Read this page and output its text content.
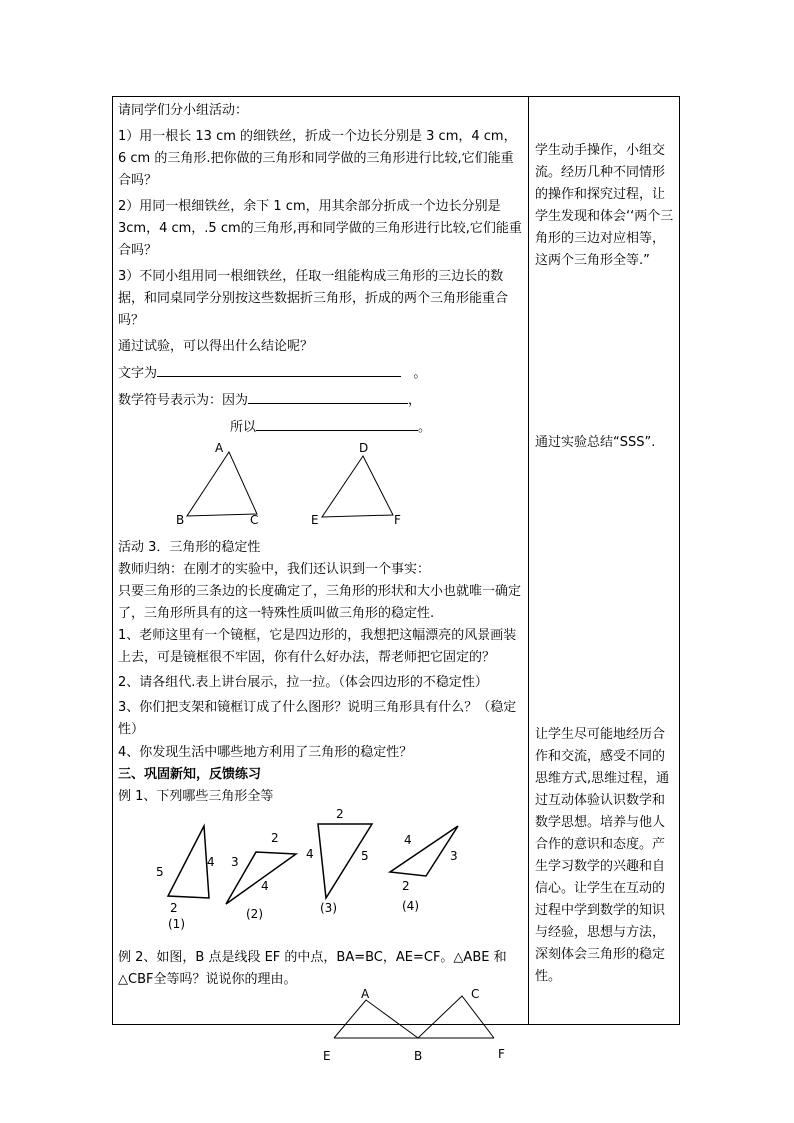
请同学们分小组活动：

1）用一根长 13 cm 的细铁丝，折成一个边长分别是 3 cm，4 cm，6 cm 的三角形.把你做的三角形和同学做的三角形进行比较,它们能重合吗？

2）用同一根细铁丝，余下 1 cm，用其余部分折成一个边长分别是3cm，4 cm，.5 cm的三角形,再和同学做的三角形进行比较,它们能重合吗？

3）不同小组用同一根细铁丝，任取一组能构成三角形的三边长的数据，和同桌同学分别按这些数据折三角形，折成的两个三角形能重合吗？

通过试验，可以得出什么结论呢？

文字为	。

数学符号表示为：因为	，

所以	。

A
B	C
D
E	F

活动 3．三角形的稳定性

教师归纳：在刚才的实验中，我们还认识到一个事实：

只要三角形的三条边的长度确定了，三角形的形状和大小也就唯一确定了，三角形所具有的这一特殊性质叫做三角形的稳定性.

1、老师这里有一个镜框，它是四边形的，我想把这幅漂亮的风景画装上去，可是镜框很不牢固，你有什么好办法，帮老师把它固定的？

2、请各组代.表上讲台展示，拉一拉。（体会四边形的不稳定性）

3、你们把支架和镜框订成了什么图形？说明三角形具有什么？（稳定性）

4、你发现生活中哪些地方利用了三角形的稳定性？

三、巩固新知，反馈练习

例 1、下列哪些三角形全等

5
4
2
(1)
2
3
4
(2)
2
4	5
(3)
4
3
2
(4)

例 2、如图，B 点是线段 EF 的中点，BA=BC，AE=CF。△ABE 和△CBF全等吗？说说你的理由。

A	C
E	B	F
学生动手操作，小组交流。经历几种不同情形的操作和探究过程，让学生发现和体会‘‘两个三角形的三边对应相等，这两个三角形全等.”
通过实验总结“SSS”.
让学生尽可能地经历合作和交流，感受不同的思维方式,思维过程，通过互动体验认识数学和数学思想。培养与他人合作的意识和态度。产生学习数学的兴趣和自信心。让学生在互动的过程中学到数学的知识与经验，思想与方法，深刻体会三角形的稳定性。
